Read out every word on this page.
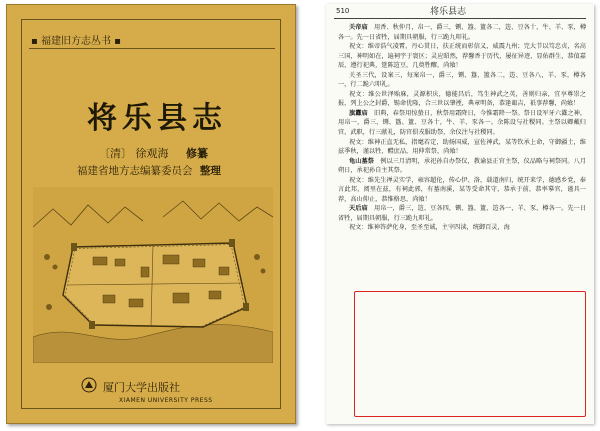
▪ 福建旧方志丛书 ▪
将乐县志
〔清〕 徐观海 修纂
福建省地方志编纂委员会 整理
厦门大学出版社
XIAMEN UNIVERSITY PRESS
510	将乐县志

关帝庙　 用香、秋仲月，帛一，爵三，铏、簋、簠各二，笾、豆各十，牛、羊、豕，樽各一。先一日省牲，届期具朝服，行三跪九叩礼。

祝文：维帝浩气凌霄，丹心贯日，扶正统而彰信义，威震九州；完大节以笃忠贞，名高三国，神明如在，遍祠宇于寰区；灵应昭然，荐馨香于历代，屡征异迹，显佑群生，恭值嘉辰，遵行祀典，筵陈笾豆，几奠牲醪，尚飨！

关圣三代，设案三，每案帛一，爵三，铏、簋、簠各二，笾、豆各八，羊、豕，樽各一，行二跪六叩礼。

祝文：维公世泽贻庥，灵源积庆，德能昌后，笃生神武之英，善则归亲，宜享尊崇之报，列上公之封爵，锡命优隆，合三世以肇禋，典章明备，恭逢诹吉，祇事荐馨，尚飨！

旗纛庙　 旧典，春祭用惊蛰日，秋祭用霜降日，今惟霜降一祭。祭日设军牙六纛之神，用帛一，爵三，铏、簋、簠、豆各十，牛、羊、豕各一。余陈设与社稷同。主祭以卿戴归官，武职，行三献礼，防官俱戎服助祭，余仪注与社稷同。

祝文：维神正直无私，指麾若定，助扬国威，宣佐神武，某等钦承上命，守御疆土，维兹季秋，谨以牲、醴庶品，用伸常祭，尚飨！

龟山墓祭　 例以三月清明，承祀孙自办祭仪，教谕县正官主祭，仪品略与祠祭同。八月朔日，承祀孙自主其祭。

祝文：维先生禅灵实学，雍容超伦，传心伊、洛，载道南归，统开来学，德感乡党，奉言此邦，阅里在兹，有祠此郭，有墓南溪，某等受命其守，恭承于前，恭率摹官，谨具一荐，高山仰止，恭惟格思，尚飨！

天后庙　 用帛一，爵三，笾、豆各四，铏、簋、簠、笾各一，羊、豕，樽各一。先一日省牲，届期具朝服，行三跪九叩礼。

祝文：维神答萨化身，至圣至诚，主宰四渎，统御百灵，海
